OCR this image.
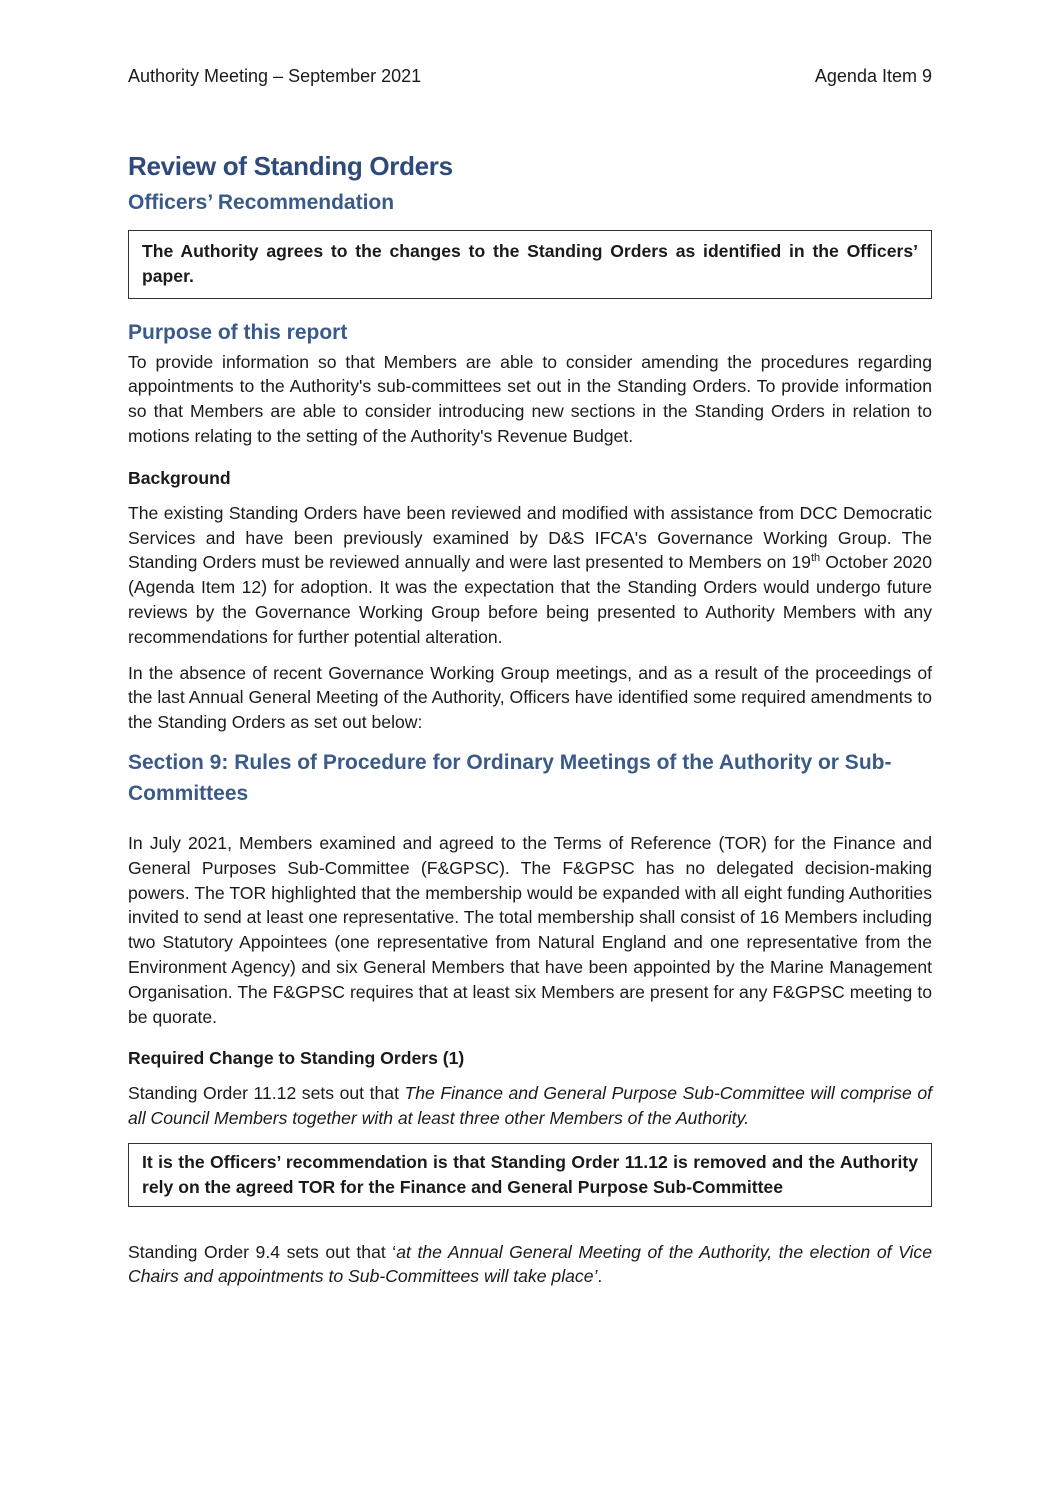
Authority Meeting – September 2021	Agenda Item 9
Review of Standing Orders
Officers’ Recommendation

The Authority agrees to the changes to the Standing Orders as identified in the Officers’ paper.

Purpose of this report

To provide information so that Members are able to consider amending the procedures regarding appointments to the Authority's sub-committees set out in the Standing Orders. To provide information so that Members are able to consider introducing new sections in the Standing Orders in relation to motions relating to the setting of the Authority's Revenue Budget.

Background

The existing Standing Orders have been reviewed and modified with assistance from DCC Democratic Services and have been previously examined by D&S IFCA's Governance Working Group. The Standing Orders must be reviewed annually and were last presented to Members on 19th October 2020 (Agenda Item 12) for adoption. It was the expectation that the Standing Orders would undergo future reviews by the Governance Working Group before being presented to Authority Members with any recommendations for further potential alteration.

In the absence of recent Governance Working Group meetings, and as a result of the proceedings of the last Annual General Meeting of the Authority, Officers have identified some required amendments to the Standing Orders as set out below:

Section 9: Rules of Procedure for Ordinary Meetings of the Authority or Sub-Committees

In July 2021, Members examined and agreed to the Terms of Reference (TOR) for the Finance and General Purposes Sub-Committee (F&GPSC). The F&GPSC has no delegated decision-making powers. The TOR highlighted that the membership would be expanded with all eight funding Authorities invited to send at least one representative. The total membership shall consist of 16 Members including two Statutory Appointees (one representative from Natural England and one representative from the Environment Agency) and six General Members that have been appointed by the Marine Management Organisation. The F&GPSC requires that at least six Members are present for any F&GPSC meeting to be quorate.

Required Change to Standing Orders (1)

Standing Order 11.12 sets out that The Finance and General Purpose Sub-Committee will comprise of all Council Members together with at least three other Members of the Authority.

It is the Officers’ recommendation is that Standing Order 11.12 is removed and the Authority rely on the agreed TOR for the Finance and General Purpose Sub-Committee

Standing Order 9.4 sets out that ‘at the Annual General Meeting of the Authority, the election of Vice Chairs and appointments to Sub-Committees will take place’.
